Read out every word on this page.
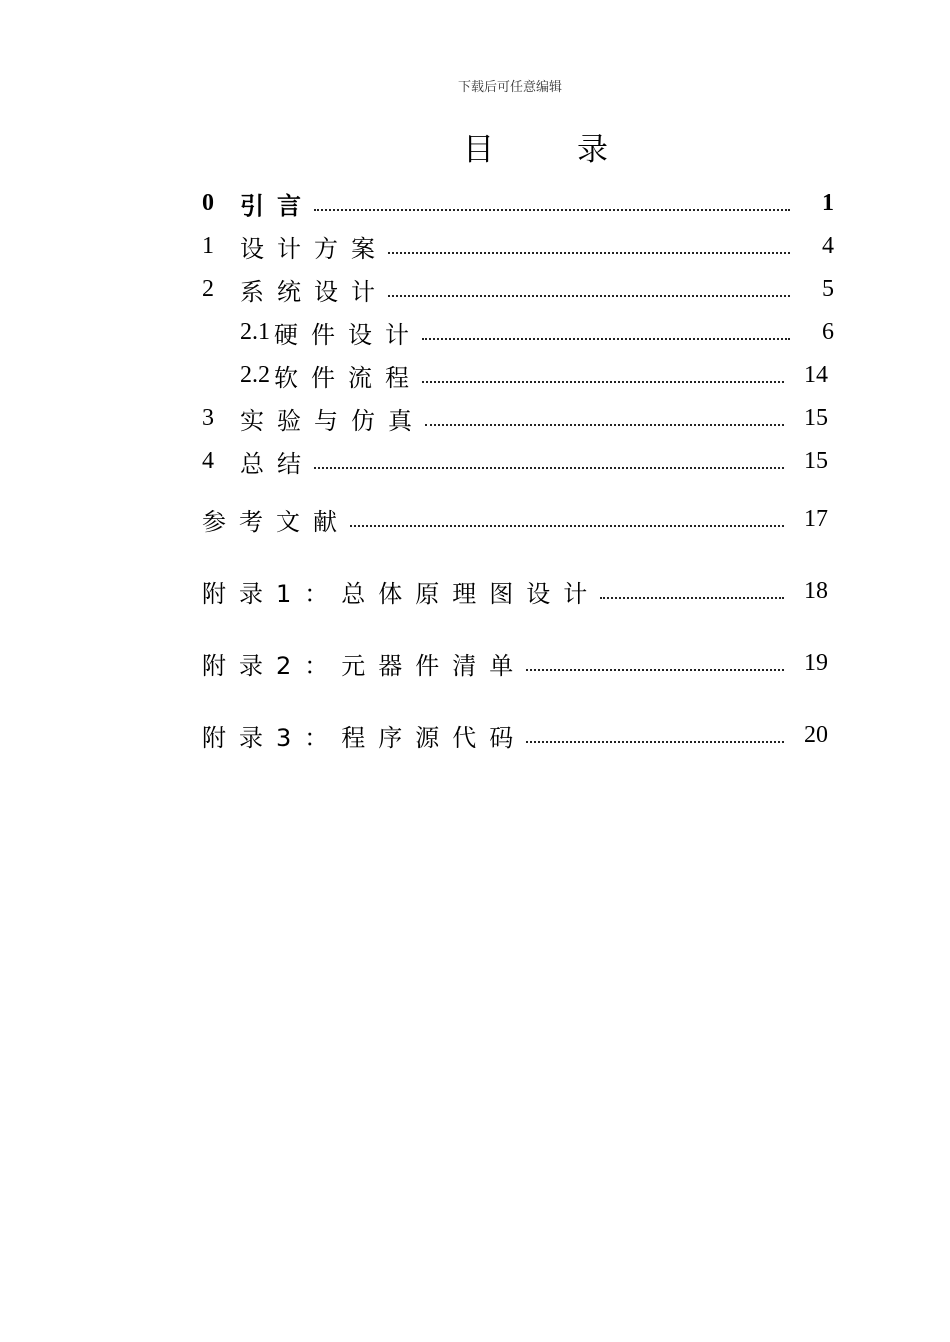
下载后可任意编辑
目	录
0	引言	1
1	设计方案	4
2	系统设计	5
2.1 硬件设计	6
2.2 软件流程	14
3	实验与仿真	15
4	总结	15
参考文献	17
附录1：总体原理图设计	18
附录2：元器件清单	19
附录3：程序源代码	20
